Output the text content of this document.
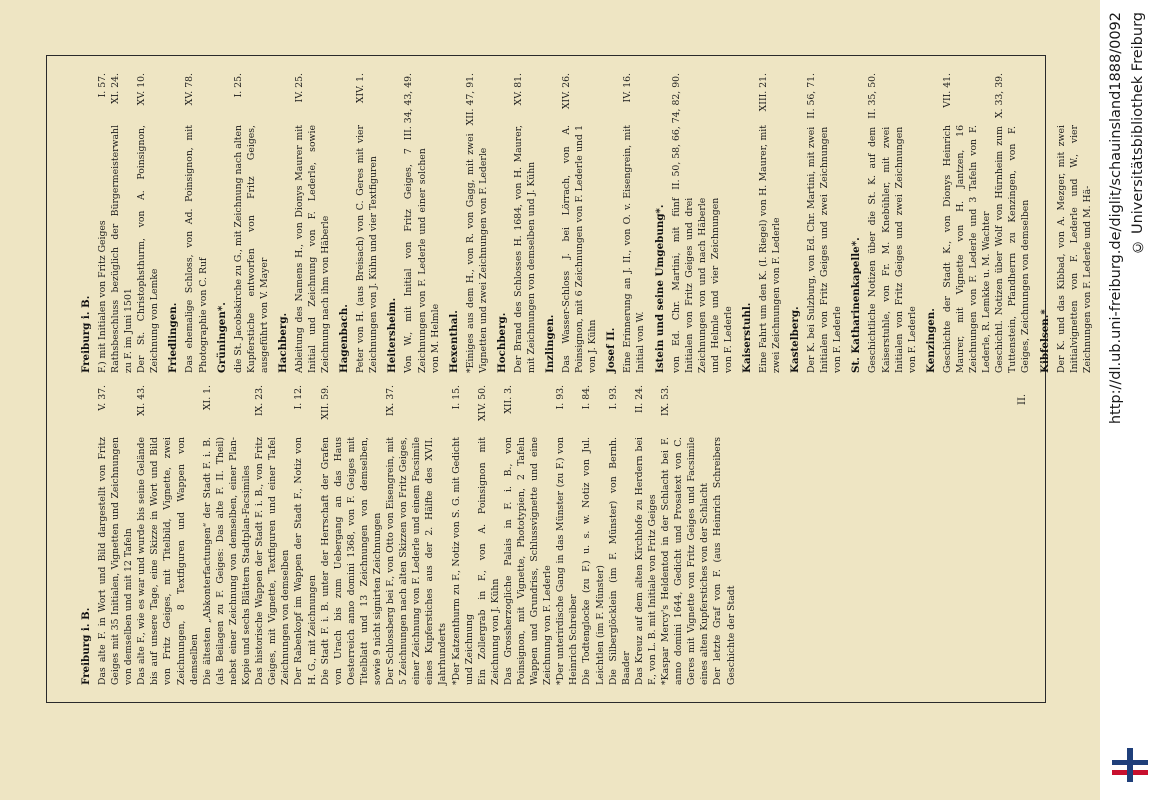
Freiburg i. B. Das alte F. in Wort und Bild dargestellt von Fritz Geiges mit 35 Initialen, Vignetten und Zeichnungen von demselben und mit 12 Tafeln
V. 37.
Das alte F., wie es war und wurde bis seine Gelände bis auf unsere Tage, eine Skizze in Wort und Bild von Fritz Geiges, mit Titelbild, Vignette, zwei Zeichnungen, 8 Textfiguren und Wappen von demselben
XI. 43.
Die ältesten „Abkonterfactungen“ der Stadt F. i. B. (als Beilagen zu F. Geiges: Das alte F. II. Theil) nebst einer Zeichnung von demselben, einer Plan-Kopie und sechs Blättern Stadtplan-Facsimiles
XI. 1.
Das historische Wappen der Stadt F. i. B., von Fritz Geiges, mit Vignette, Textfiguren und einer Tafel Zeichnungen von demselben
IX. 23.
Der Rabenkopf im Wappen der Stadt F., Notiz von H. G., mit Zeichnungen
I. 12.
Die Stadt F. i. B. unter der Herrschaft der Grafen von Urach bis zum Uebergang an das Haus Oesterreich anno domini 1368, von F. Geiges mit Titelblatt und 13 Zeichnungen von demselben, sowie 9 nicht signirten Zeichnungen
XII. 59.
Der Schlossberg bei F., von Otto von Eisengrein, mit 5 Zeichnungen nach alten Skizzen von Fritz Geiges, einer Zeichnung von F. Lederle und einem Facsimile eines Kupferstiches aus der 2. Hälfte des XVII. Jahrhunderts
IX. 37.
*Der Katzenthurm zu F., Notiz von S. G. mit Gedicht und Zeichnung
I. 15.
Ein Zollergrab in F., von A. Poinsignon mit Zeichnung von J. Kühn
XIV. 50.
Das Grossherzogliche Palais in F. i. B., von Poinsignon, mit Vignette, Phototypien, 2 Tafeln Wappen und Grundriss, Schlussvignette und eine Zeichnung von F. Lederle
XII. 3.
*Der unterirdische Gang in das Münster (zu F.) von Heinrich Schreiber
I. 93.
Die Todtenglocke (zu F.) u. s. w. Notiz von Jul. Leichtlen (im F. Münster)
I. 84.
Die Silberglöcklein (im F. Münster) von Bernh. Baader
I. 93.
Das Kreuz auf dem alten Kirchhofe zu Herdern bei F., von L. B. mit Initiale von Fritz Geiges
II. 24.
*Kaspar Mercy's Heldentod in der Schlacht bei F. anno domini 1644, Gedicht und Prosatext von C. Geres mit Vignette von Fritz Geiges und Facsimile eines alten Kupferstiches von der Schlacht
IX. 53.
Der letzte Graf von F. (aus Heinrich Schreibers Geschichte der Stadt
Freiburg i. B. F.) mit Initialen von Fritz Geiges
I. 57.
Rathsbeschluss bezüglich der Bürgermeisterwahl zu F. im Juni 1501
XI. 24.
Der St. Christophsthurm, von A. Poinsignon, Zeichnung von Lemke
XV. 10.
Friedlingen. Das ehemalige Schloss, von Ad. Poinsignon, mit Photographie von C. Ruf
XV. 78.
Grüningen*. die St. Jacobskirche zu G., mit Zeichnung nach alten Kupferstiche entworfen von Fritz Geiges, ausgeführt von V. Mayer
I. 25.
Hachberg. Ableitung des Namens H., von Dionys Maurer mit Initial und Zeichnung von F. Lederle, sowie Zeichnung nach ihm von Häberle
IV. 25.
Hagenbach. Peter von H. (aus Breisach) von C. Geres mit vier Zeichnungen von J. Kühn und vier Textfiguren
XIV. 1.
Heitersheim. Von W., mit Initial von Fritz Geiges, 7 Zeichnungen von F. Lederle und einer solchen von M. Helmle
III. 34, 43, 49.
Hexenthal. *Einiges aus dem H., von R. von Gagg, mit zwei Vignetten und zwei Zeichnungen von F. Lederle
XII. 47, 91.
Hochberg. Der Brand des Schlosses H. 1684, von H. Maurer, mit Zeichnungen von demselben und J. Kühn
XV. 81.
Inzlingen. Das Wasser-Schloss J. bei Lörrach, von A. Poinsignon, mit 6 Zeichnungen von F. Lederle und 1 von J. Kühn
XIV. 26.
Josef II. Eine Erinnerung an J. II., von O. v. Eisengrein, mit Initial von W.
IV. 16.
Istein und seine Umgebung*. von Ed. Chr. Martini, mit fünf Initialen von Fritz Geiges und drei Zeichnungen von und nach Häberle und Helmle und vier Zeichnungen von F. Lederle
II. 50, 58, 66, 74, 82, 90.
Kaiserstuhl. Eine Fahrt um den K. (I. Riegel) von H. Maurer, mit zwei Zeichnungen von F. Lederle
XIII. 21.
Kastelberg. Der K. bei Sulzburg, von Ed. Chr. Martini, mit zwei Initialen von Fritz Geiges und zwei Zeichnungen von F. Lederle
II. 56, 71.
St. Katharinenkapelle*. Geschichtliche Notizen über die St. K. auf dem Kaiserstuhle, von Fr. M. Knebühler, mit zwei Initialen von Fritz Geiges und zwei Zeichnungen von F. Lederle
II. 35, 50.
Kenzingen. Geschichte der Stadt K., von Dionys Heinrich Maurer, mit Vignette von H. Jantzen, 16 Zeichnungen von F. Lederle und 3 Tafeln von F. Lederle, R. Lemkke u. M. Wachter
VII. 41.
Geschichtl. Notizen über Wolf von Hürnheim zum Tuttenstein, Pfandherrn zu Kenzingen, von F. Geiges, Zeichnungen von demselben
X. 33, 39.
Kibfelsen.* Der K. und das Kibbad, von A. Mezger, mit zwei Initialvignetten von F. Lederle und W., vier Zeichnungen von F. Lederle und M. Hä-
II.	http://dl.ub.uni-freiburg.de/diglit/schauinsland1888/0092 © Universitätsbibliothek Freiburg
